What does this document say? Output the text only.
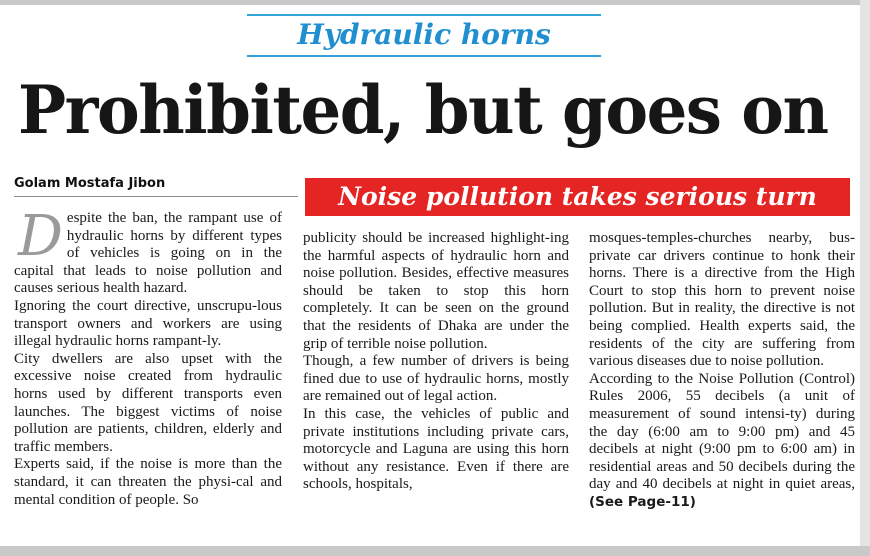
Hydraulic horns
Prohibited, but goes on
Golam Mostafa Jibon	Noise pollution takes serious turn

Despite the ban, the rampant use of hydraulic horns by different types of vehicles is going on in the capital that leads to noise pollution and causes serious health hazard.

Ignoring the court directive, unscrupu-lous transport owners and workers are using illegal hydraulic horns rampant-ly.

City dwellers are also upset with the excessive noise created from hydraulic horns used by different transports even launches. The biggest victims of noise pollution are patients, children, elderly and traffic members.

Experts said, if the noise is more than the standard, it can threaten the physi-cal and mental condition of people. So

publicity should be increased highlight-ing the harmful aspects of hydraulic horn and noise pollution. Besides, effective measures should be taken to stop this horn completely. It can be seen on the ground that the residents of Dhaka are under the grip of terrible noise pollution.

Though, a few number of drivers is being fined due to use of hydraulic horns, mostly are remained out of legal action.

In this case, the vehicles of public and private institutions including private cars, motorcycle and Laguna are using this horn without any resistance. Even if there are schools, hospitals,

mosques-temples-churches nearby, bus-private car drivers continue to honk their horns. There is a directive from the High Court to stop this horn to prevent noise pollution. But in reality, the directive is not being complied. Health experts said, the residents of the city are suffering from various diseases due to noise pollution.

According to the Noise Pollution (Control) Rules 2006, 55 decibels (a unit of measurement of sound intensi-ty) during the day (6:00 am to 9:00 pm) and 45 decibels at night (9:00 pm to 6:00 am) in residential areas and 50 decibels during the day and 40 decibels at night in quiet areas, (See Page-11)
